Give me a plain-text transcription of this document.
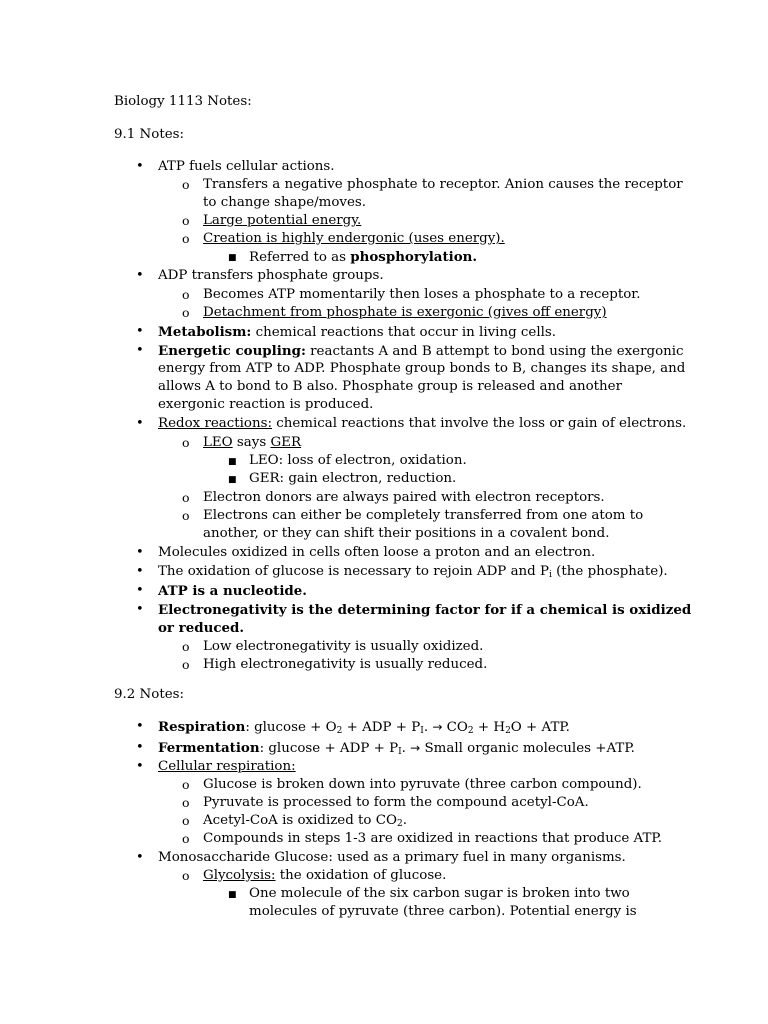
Biology 1113 Notes:
9.1 Notes:
• ATP fuels cellular actions.
o Transfers a negative phosphate to receptor. Anion causes the receptor
to change shape/moves.
o Large potential energy.
o Creation is highly endergonic (uses energy).
■ Referred to as phosphorylation.
• ADP transfers phosphate groups.
o Becomes ATP momentarily then loses a phosphate to a receptor.
o Detachment from phosphate is exergonic (gives off energy)
• Metabolism: chemical reactions that occur in living cells.
• Energetic coupling: reactants A and B attempt to bond using the exergonic
energy from ATP to ADP. Phosphate group bonds to B, changes its shape, and
allows A to bond to B also. Phosphate group is released and another
exergonic reaction is produced.
• Redox reactions: chemical reactions that involve the loss or gain of electrons.
o LEO says GER
■ LEO: loss of electron, oxidation.
■ GER: gain electron, reduction.
o Electron donors are always paired with electron receptors.
o Electrons can either be completely transferred from one atom to
another, or they can shift their positions in a covalent bond.
• Molecules oxidized in cells often loose a proton and an electron.
• The oxidation of glucose is necessary to rejoin ADP and $P_i$ (the phosphate).
• ATP is a nucleotide.
• Electronegativity is the determining factor for if a chemical is oxidized
or reduced.
o Low electronegativity is usually oxidized.
o High electronegativity is usually reduced.
9.2 Notes:
• Respiration: $glucose + O_2$ + ADP + $P_I$. → $CO_2 + H_2O$ + ATP.
• Fermentation: glucose + ADP + $P_I$. → Small organic molecules +ATP.
• Cellular respiration:
o Glucose is broken down into pyruvate (three carbon compound).
o Pyruvate is processed to form the compound acetyl-CoA.
o Acetyl-CoA is oxidized to $CO_2$.
o Compounds in steps 1-3 are oxidized in reactions that produce ATP.
• Monosaccharide Glucose: used as a primary fuel in many organisms.
o Glycolysis: the oxidation of glucose.
■ One molecule of the six carbon sugar is broken into two
molecules of pyruvate (three carbon). Potential energy is
